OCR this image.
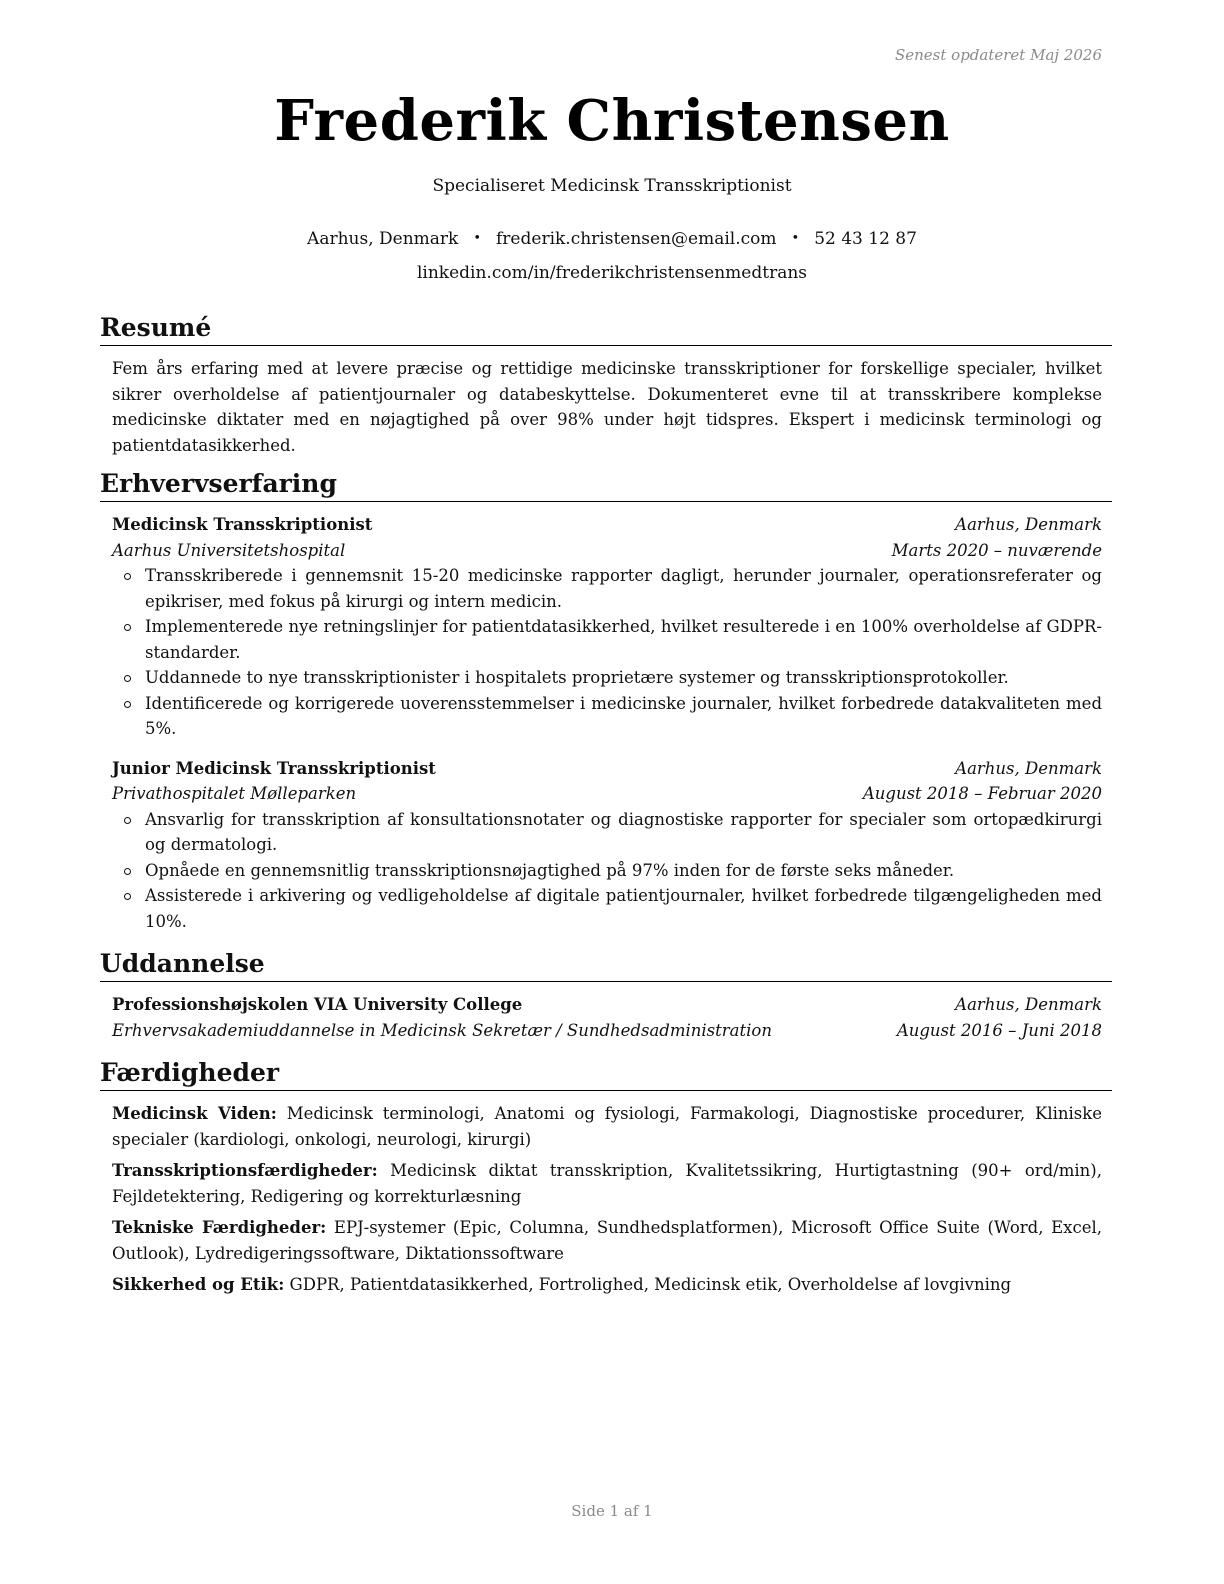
Senest opdateret Maj 2026
Frederik Christensen
Specialiseret Medicinsk Transskriptionist
Aarhus, Denmark • frederik.christensen@email.com • 52 43 12 87
linkedin.com/in/frederikchristensenmedtrans
Resumé
Fem års erfaring med at levere præcise og rettidige medicinske transskriptioner for forskellige specialer, hvilket sikrer overholdelse af patientjournaler og databeskyttelse. Dokumenteret evne til at transskribere komplekse medicinske diktater med en nøjagtighed på over 98% under højt tidspres. Ekspert i medicinsk terminologi og patientdatasikkerhed.
Erhvervserfaring
Medicinsk Transskriptionist	Aarhus, Denmark
Aarhus Universitetshospital	Marts 2020 – nuværende
Transskriberede i gennemsnit 15-20 medicinske rapporter dagligt, herunder journaler, operationsreferater og epikriser, med fokus på kirurgi og intern medicin.
Implementerede nye retningslinjer for patientdatasikkerhed, hvilket resulterede i en 100% overholdelse af GDPR-standarder.
Uddannede to nye transskriptionister i hospitalets proprietære systemer og transskriptionsprotokoller.
Identificerede og korrigerede uoverensstemmelser i medicinske journaler, hvilket forbedrede datakvaliteten med 5%.
Junior Medicinsk Transskriptionist	Aarhus, Denmark
Privathospitalet Mølleparken	August 2018 – Februar 2020
Ansvarlig for transskription af konsultationsnotater og diagnostiske rapporter for specialer som ortopædkirurgi og dermatologi.
Opnåede en gennemsnitlig transskriptionsnøjagtighed på 97% inden for de første seks måneder.
Assisterede i arkivering og vedligeholdelse af digitale patientjournaler, hvilket forbedrede tilgængeligheden med 10%.
Uddannelse
Professionshøjskolen VIA University College	Aarhus, Denmark
Erhvervsakademiuddannelse in Medicinsk Sekretær / Sundhedsadministration	August 2016 – Juni 2018
Færdigheder
Medicinsk Viden: Medicinsk terminologi, Anatomi og fysiologi, Farmakologi, Diagnostiske procedurer, Kliniske specialer (kardiologi, onkologi, neurologi, kirurgi)
Transskriptionsfærdigheder: Medicinsk diktat transskription, Kvalitetssikring, Hurtigtastning (90+ ord/min), Fejldetektering, Redigering og korrekturlæsning
Tekniske Færdigheder: EPJ-systemer (Epic, Columna, Sundhedsplatformen), Microsoft Office Suite (Word, Excel, Outlook), Lydredigeringssoftware, Diktationssoftware
Sikkerhed og Etik: GDPR, Patientdatasikkerhed, Fortrolighed, Medicinsk etik, Overholdelse af lovgivning
Side 1 af 1
